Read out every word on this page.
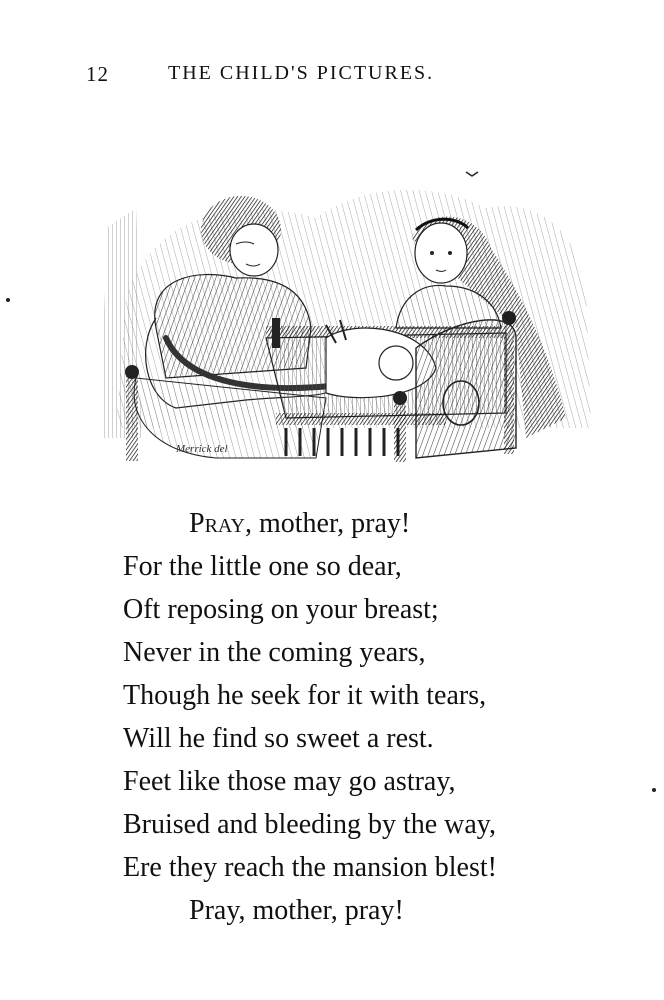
12	THE CHILD'S PICTURES.
Merrick del
Pray, mother, pray!
For the little one so dear,
Oft reposing on your breast;
Never in the coming years,
Though he seek for it with tears,
Will he find so sweet a rest.
Feet like those may go astray,
Bruised and bleeding by the way,
Ere they reach the mansion blest!
Pray, mother, pray!
